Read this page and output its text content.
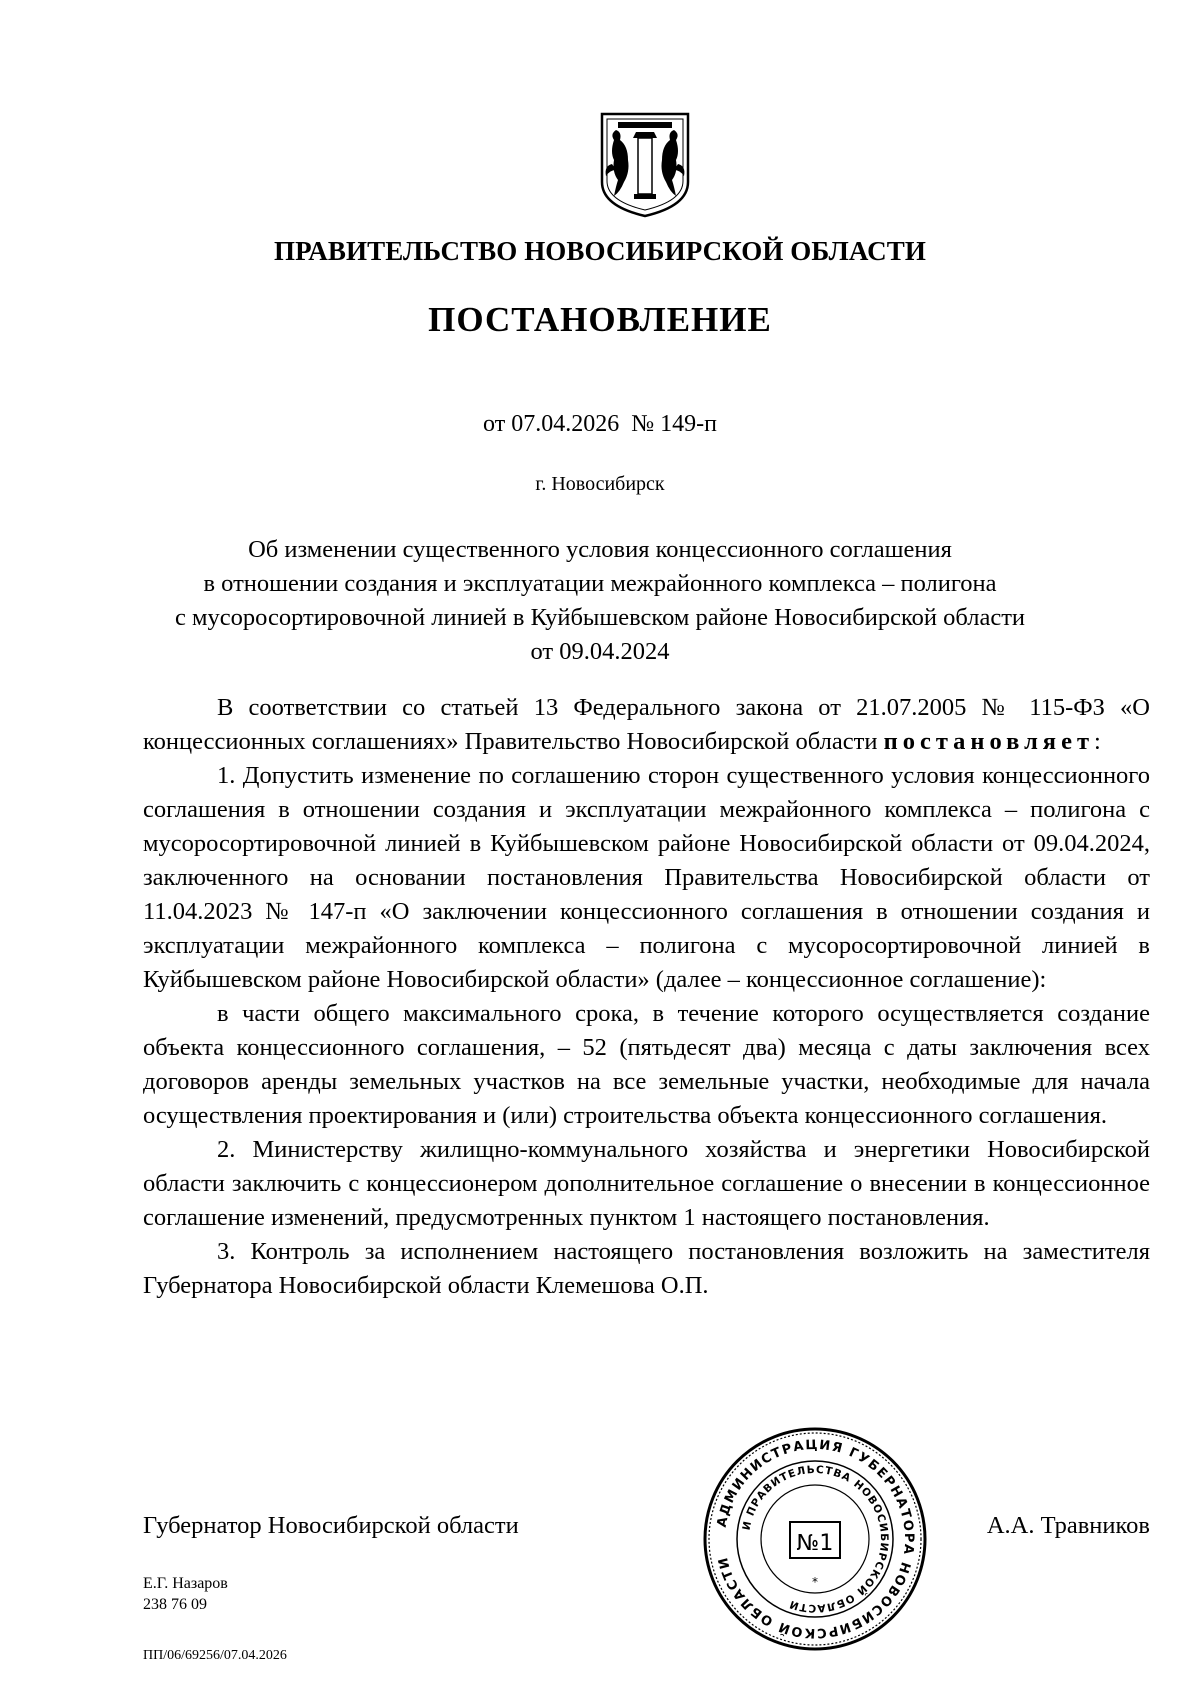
ПРАВИТЕЛЬСТВО НОВОСИБИРСКОЙ ОБЛАСТИ
ПОСТАНОВЛЕНИЕ
от 07.04.2026  № 149-п
г. Новосибирск
Об изменении существенного условия концессионного соглашения
в отношении создания и эксплуатации межрайонного комплекса – полигона
с мусоросортировочной линией в Куйбышевском районе Новосибирской области
от 09.04.2024

В соответствии со статьей 13 Федерального закона от 21.07.2005 № 115-ФЗ «О концессионных соглашениях» Правительство Новосибирской области постановляет:

1. Допустить изменение по соглашению сторон существенного условия концессионного соглашения в отношении создания и эксплуатации межрайонного комплекса – полигона с мусоросортировочной линией в Куйбышевском районе Новосибирской области от 09.04.2024, заключенного на основании постановления Правительства Новосибирской области от 11.04.2023 № 147-п «О заключении концессионного соглашения в отношении создания и эксплуатации межрайонного комплекса – полигона с мусоросортировочной линией в Куйбышевском районе Новосибирской области» (далее – концессионное соглашение):

в части общего максимального срока, в течение которого осуществляется создание объекта концессионного соглашения, – 52 (пятьдесят два) месяца с даты заключения всех договоров аренды земельных участков на все земельные участки, необходимые для начала осуществления проектирования и (или) строительства объекта концессионного соглашения.

2. Министерству жилищно-коммунального хозяйства и энергетики Новосибирской области заключить с концессионером дополнительное соглашение о внесении в концессионное соглашение изменений, предусмотренных пунктом 1 настоящего постановления.

3. Контроль за исполнением настоящего постановления возложить на заместителя Губернатора Новосибирской области Клемешова О.П.

Губернатор Новосибирской области	А.А. Травников
АДМИНИСТРАЦИЯ ГУБЕРНАТОРА НОВОСИБИРСКОЙ ОБЛАСТИ
И ПРАВИТЕЛЬСТВА НОВОСИБИРСКОЙ ОБЛАСТИ
№1
*
Е.Г. Назаров
238 76 09
ПП/06/69256/07.04.2026
